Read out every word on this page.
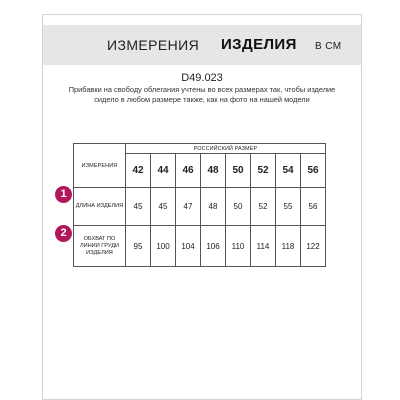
ИЗМЕРЕНИЯ ИЗДЕЛИЯ В СМ
D49.023
Прибавки на свободу облегания учтены во всех размерах так, чтобы изделие сидело в любом размере также, как на фото на нашей модели
ИЗМЕРЕНИЯ	РОССИЙСКИЙ РАЗМЕР							
	42	44	46	48	50	52	54	56
ДЛИНА ИЗДЕЛИЯ	45	45	47	48	50	52	55	56
ОБХВАТ ПО ЛИНИИ ГРУДИ ИЗДЕЛИЯ	95	100	104	106	110	114	118	122
1
2
